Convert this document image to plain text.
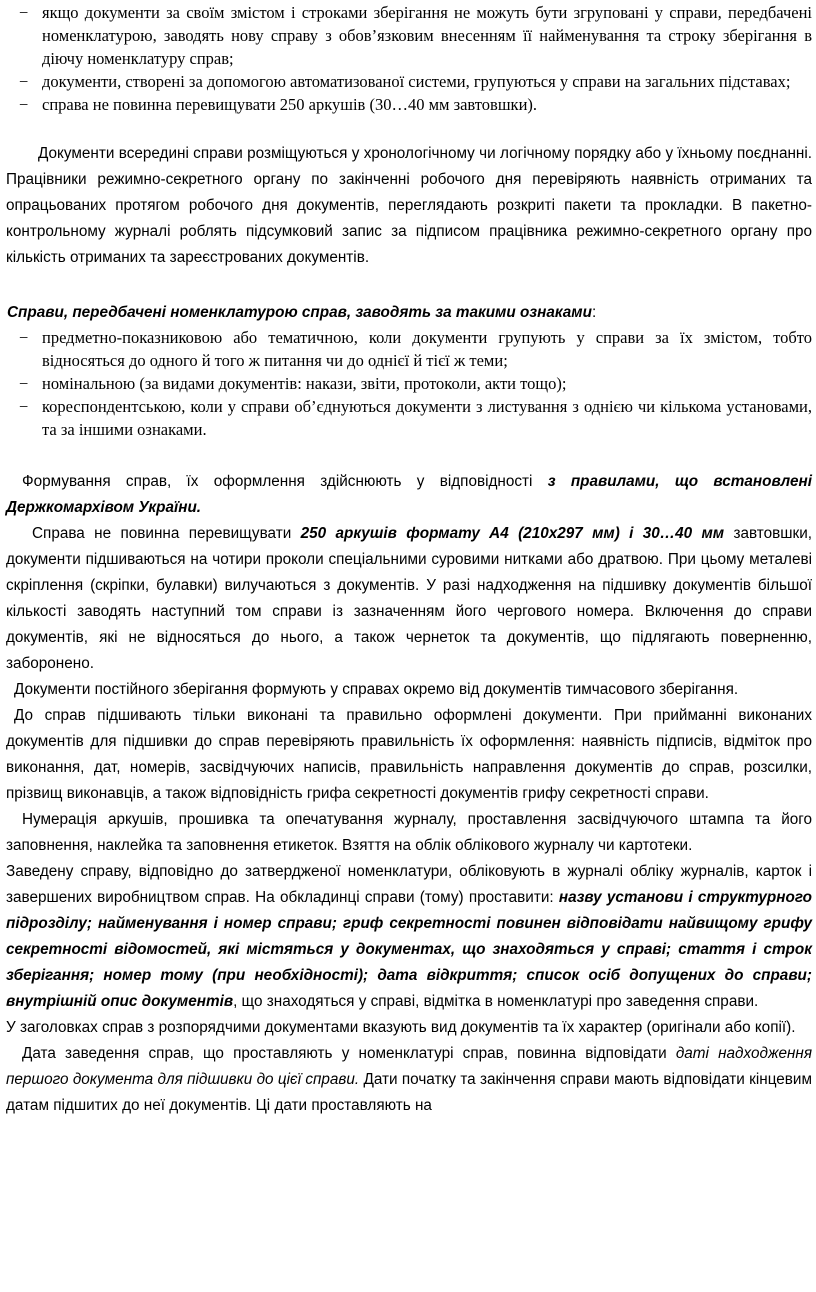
− якщо документи за своїм змістом і строками зберігання не можуть бути згруповані у справи, передбачені номенклатурою, заводять нову справу з обов’язковим внесенням її найменування та строку зберігання в діючу номенклатуру справ;
− документи, створені за допомогою автоматизованої системи, групуються у справи на загальних підставах;
− справа не повинна перевищувати 250 аркушів (30…40 мм завтовшки).

Документи всередині справи розміщуються у хронологічному чи логічному порядку або у їхньому поєднанні. Працівники режимно-секретного органу по закінченні робочого дня перевіряють наявність отриманих та опрацьованих протягом робочого дня документів, переглядають розкриті пакети та прокладки. В пакетно-контрольному журналі роблять підсумковий запис за підписом працівника режимно-секретного органу про кількість отриманих та зареєстрованих документів.

Справи, передбачені номенклатурою справ, заводять за такими ознаками:

− предметно-показниковою або тематичною, коли документи групують у справи за їх змістом, тобто відносяться до одного й того ж питання чи до однієї й тієї ж теми;
− номінальною (за видами документів: накази, звіти, протоколи, акти тощо);
− кореспондентською, коли у справи об’єднуються документи з листування з однією чи кількома установами, та за іншими ознаками.

Формування справ, їх оформлення здійснюють у відповідності з правилами, що встановлені Держкомархівом України.

Справа не повинна перевищувати 250 аркушів формату А4 (210х297 мм) і 30…40 мм завтовшки, документи підшиваються на чотири проколи спеціальними суровими нитками або дратвою. При цьому металеві скріплення (скріпки, булавки) вилучаються з документів. У разі надходження на підшивку документів більшої кількості заводять наступний том справи із зазначенням його чергового номера. Включення до справи документів, які не відносяться до нього, а також чернеток та документів, що підлягають поверненню, заборонено.

Документи постійного зберігання формують у справах окремо від документів тимчасового зберігання.

До справ підшивають тільки виконані та правильно оформлені документи. При прийманні виконаних документів для підшивки до справ перевіряють правильність їх оформлення: наявність підписів, відміток про виконання, дат, номерів, засвідчуючих написів, правильність направлення документів до справ, розсилки, прізвищ виконавців, а також відповідність грифа секретності документів грифу секретності справи.

Нумерація аркушів, прошивка та опечатування журналу, проставлення засвідчуючого штампа та його заповнення, наклейка та заповнення етикеток. Взяття на облік облікового журналу чи картотеки.

Заведену справу, відповідно до затвердженої номенклатури, обліковують в журналі обліку журналів, карток і завершених виробництвом справ. На обкладинці справи (тому) проставити: назву установи і структурного підрозділу; найменування і номер справи; гриф секретності повинен відповідати найвищому грифу секретності відомостей, які містяться у документах, що знаходяться у справі; стаття і строк зберігання; номер тому (при необхідності); дата відкриття; список осіб допущених до справи; внутрішній опис документів, що знаходяться у справі, відмітка в номенклатурі про заведення справи.

У заголовках справ з розпорядчими документами вказують вид документів та їх характер (оригінали або копії).

Дата заведення справ, що проставляють у номенклатурі справ, повинна відповідати даті надходження першого документа для підшивки до цієї справи. Дати початку та закінчення справи мають відповідати кінцевим датам підшитих до неї документів. Ці дати проставляють на
